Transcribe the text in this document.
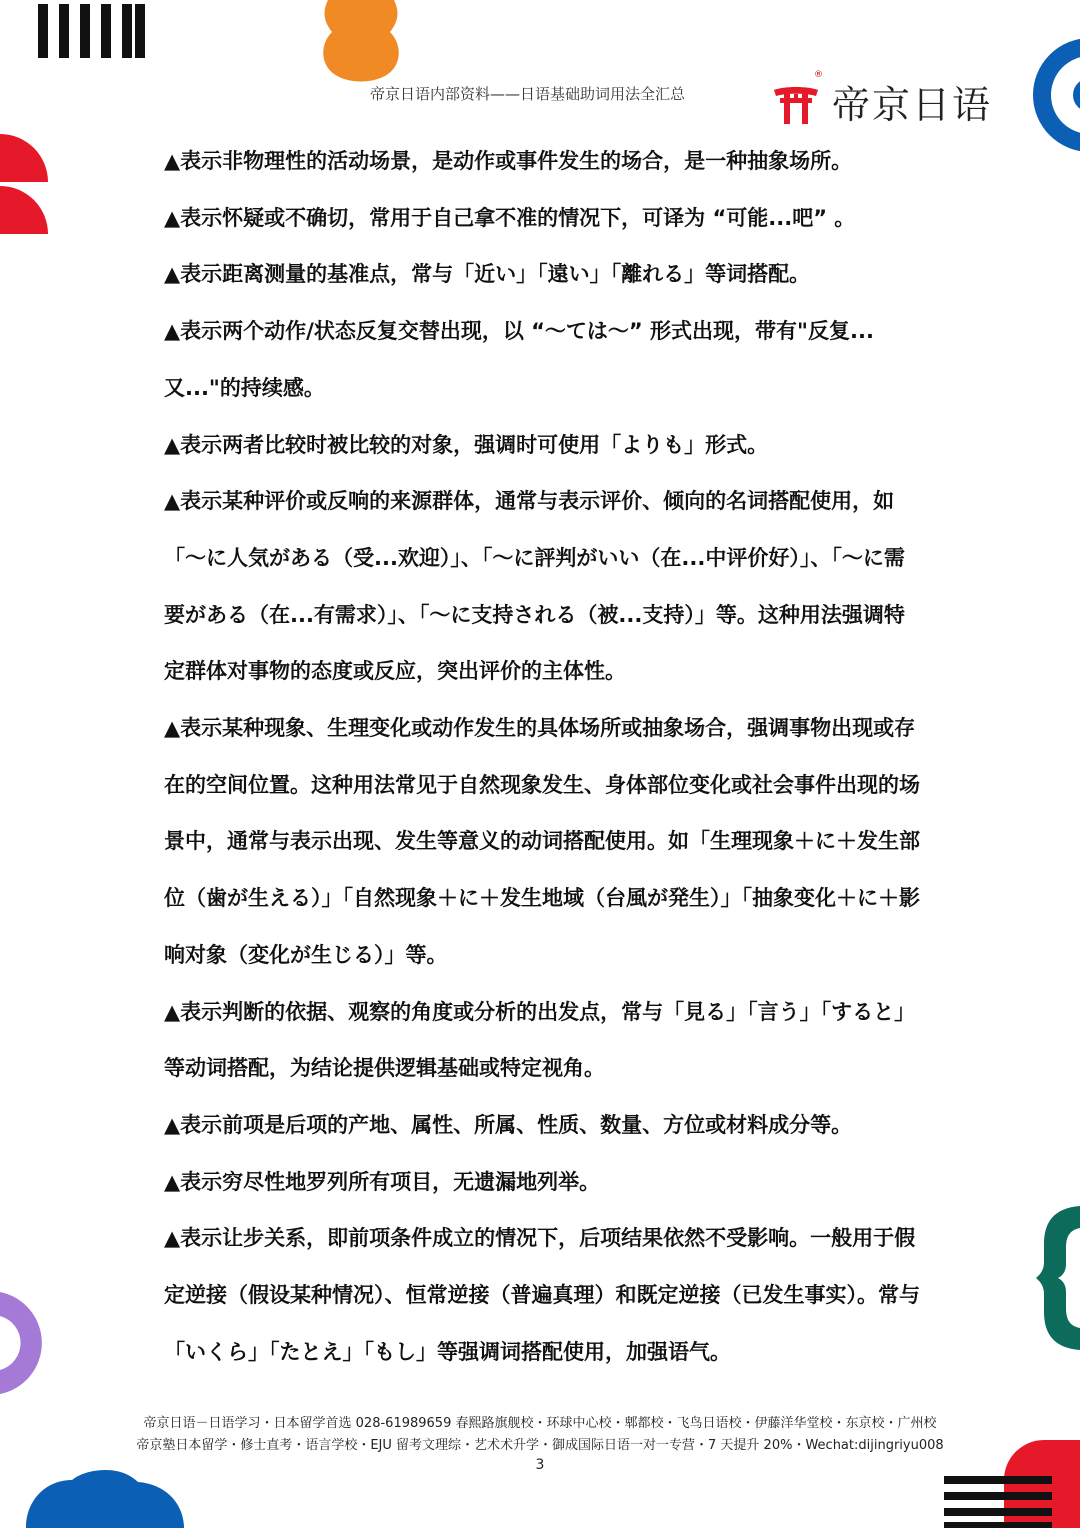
帝京日语内部资料——日语基础助词用法全汇总
®
帝京日语

▲表示非物理性的活动场景，是动作或事件发生的场合，是一种抽象场所。

▲表示怀疑或不确切，常用于自己拿不准的情况下，可译为 “可能...吧” 。

▲表示距离测量的基准点，常与「近い」「遠い」「離れる」等词搭配。

▲表示两个动作/状态反复交替出现，以 “～ては～” 形式出现，带有"反复...又..."的持续感。

▲表示两者比较时被比较的对象，强调时可使用「よりも」形式。

▲表示某种评价或反响的来源群体，通常与表示评价、倾向的名词搭配使用，如「～に人気がある（受...欢迎）」、「～に評判がいい（在...中评价好）」、「～に需要がある（在...有需求）」、「～に支持される（被...支持）」等。这种用法强调特定群体对事物的态度或反应，突出评价的主体性。

▲表示某种现象、生理变化或动作发生的具体场所或抽象场合，强调事物出现或存在的空间位置。这种用法常见于自然现象发生、身体部位变化或社会事件出现的场景中，通常与表示出现、发生等意义的动词搭配使用。如「生理现象＋に＋发生部位（歯が生える）」「自然现象＋に＋发生地域（台風が発生）」「抽象变化＋に＋影响对象（変化が生じる）」等。

▲表示判断的依据、观察的角度或分析的出发点，常与「見る」「言う」「すると」等动词搭配，为结论提供逻辑基础或特定视角。

▲表示前项是后项的产地、属性、所属、性质、数量、方位或材料成分等。

▲表示穷尽性地罗列所有项目，无遗漏地列举。

▲表示让步关系，即前项条件成立的情况下，后项结果依然不受影响。一般用于假定逆接（假设某种情况）、恒常逆接（普遍真理）和既定逆接（已发生事实）。常与「いくら」「たとえ」「もし」等强调词搭配使用，加强语气。

帝京日语－日语学习・日本留学首选 028-61989659 春熙路旗舰校・环球中心校・郫都校・飞鸟日语校・伊藤洋华堂校・东京校・广州校
帝京塾日本留学・修士直考・语言学校・EJU 留考文理综・艺术术升学・御成国际日语一对一专营・7 天提升 20%・Wechat:dijingriyu008
3
